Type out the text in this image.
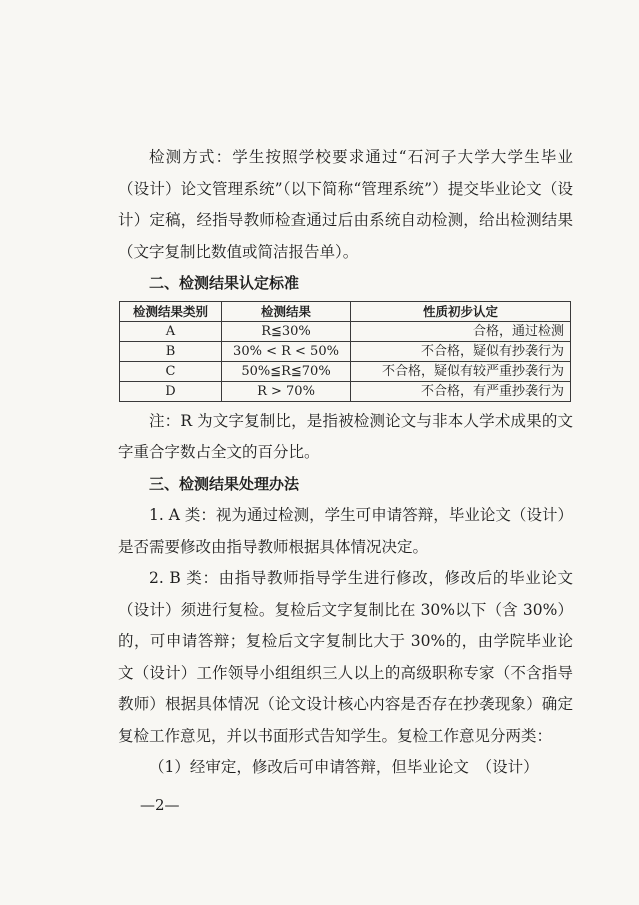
检测方式：学生按照学校要求通过“石河子大学大学生毕业（设计）论文管理系统”（以下简称“管理系统”）提交毕业论文（设计）定稿，经指导教师检查通过后由系统自动检测，给出检测结果（文字复制比数值或简洁报告单）。

二、检测结果认定标准

检测结果类别	检测结果	性质初步认定
A	R≦30%	合格，通过检测
B	30% < R < 50%	不合格，疑似有抄袭行为
C	50%≦R≦70%	不合格，疑似有较严重抄袭行为
D	R > 70%	不合格，有严重抄袭行为

注：R 为文字复制比，是指被检测论文与非本人学术成果的文字重合字数占全文的百分比。

三、检测结果处理办法

1. A 类：视为通过检测，学生可申请答辩，毕业论文（设计）是否需要修改由指导教师根据具体情况决定。

2. B 类：由指导教师指导学生进行修改，修改后的毕业论文（设计）须进行复检。复检后文字复制比在 30%以下（含 30%）的，可申请答辩；复检后文字复制比大于 30%的，由学院毕业论文（设计）工作领导小组组织三人以上的高级职称专家（不含指导教师）根据具体情况（论文设计核心内容是否存在抄袭现象）确定复检工作意见，并以书面形式告知学生。复检工作意见分两类：

（1）经审定，修改后可申请答辩，但毕业论文　（设计）

—2—
